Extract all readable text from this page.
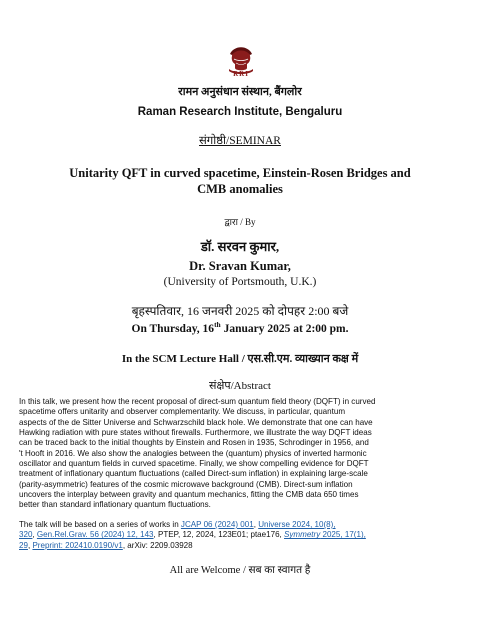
RRI
रामन अनुसंधान संस्थान, बैंगलोर
Raman Research Institute, Bengaluru
संगोष्ठी/SEMINAR
Unitarity QFT in curved spacetime, Einstein-Rosen Bridges and
CMB anomalies
द्वारा / By
डॉ. सरवन कुमार,
Dr. Sravan Kumar,
(University of Portsmouth, U.K.)
बृहस्पतिवार, 16 जनवरी 2025 को दोपहर 2:00 बजे
On Thursday, 16th January 2025 at 2:00 pm.
In the SCM Lecture Hall / एस.सी.एम. व्याख्यान कक्ष में
संक्षेप/Abstract
In this talk, we present how the recent proposal of direct-sum quantum field theory (DQFT) in curved
spacetime offers unitarity and observer complementarity. We discuss, in particular, quantum
aspects of the de Sitter Universe and Schwarzschild black hole. We demonstrate that one can have
Hawking radiation with pure states without firewalls. Furthermore, we illustrate the way DQFT ideas
can be traced back to the initial thoughts by Einstein and Rosen in 1935, Schrodinger in 1956, and
't Hooft in 2016. We also show the analogies between the (quantum) physics of inverted harmonic
oscillator and quantum fields in curved spacetime. Finally, we show compelling evidence for DQFT
treatment of inflationary quantum fluctuations (called Direct-sum inflation) in explaining large-scale
(parity-asymmetric) features of the cosmic microwave background (CMB). Direct-sum inflation
uncovers the interplay between gravity and quantum mechanics, fitting the CMB data 650 times
better than standard inflationary quantum fluctuations.
The talk will be based on a series of works in JCAP 06 (2024) 001, Universe 2024, 10(8),
320, Gen.Rel.Grav. 56 (2024) 12, 143, PTEP, 12, 2024, 123E01; ptae176, Symmetry 2025, 17(1),
29, Preprint: 202410.0190/v1, arXiv: 2209.03928
All are Welcome / सब का स्वागत है
